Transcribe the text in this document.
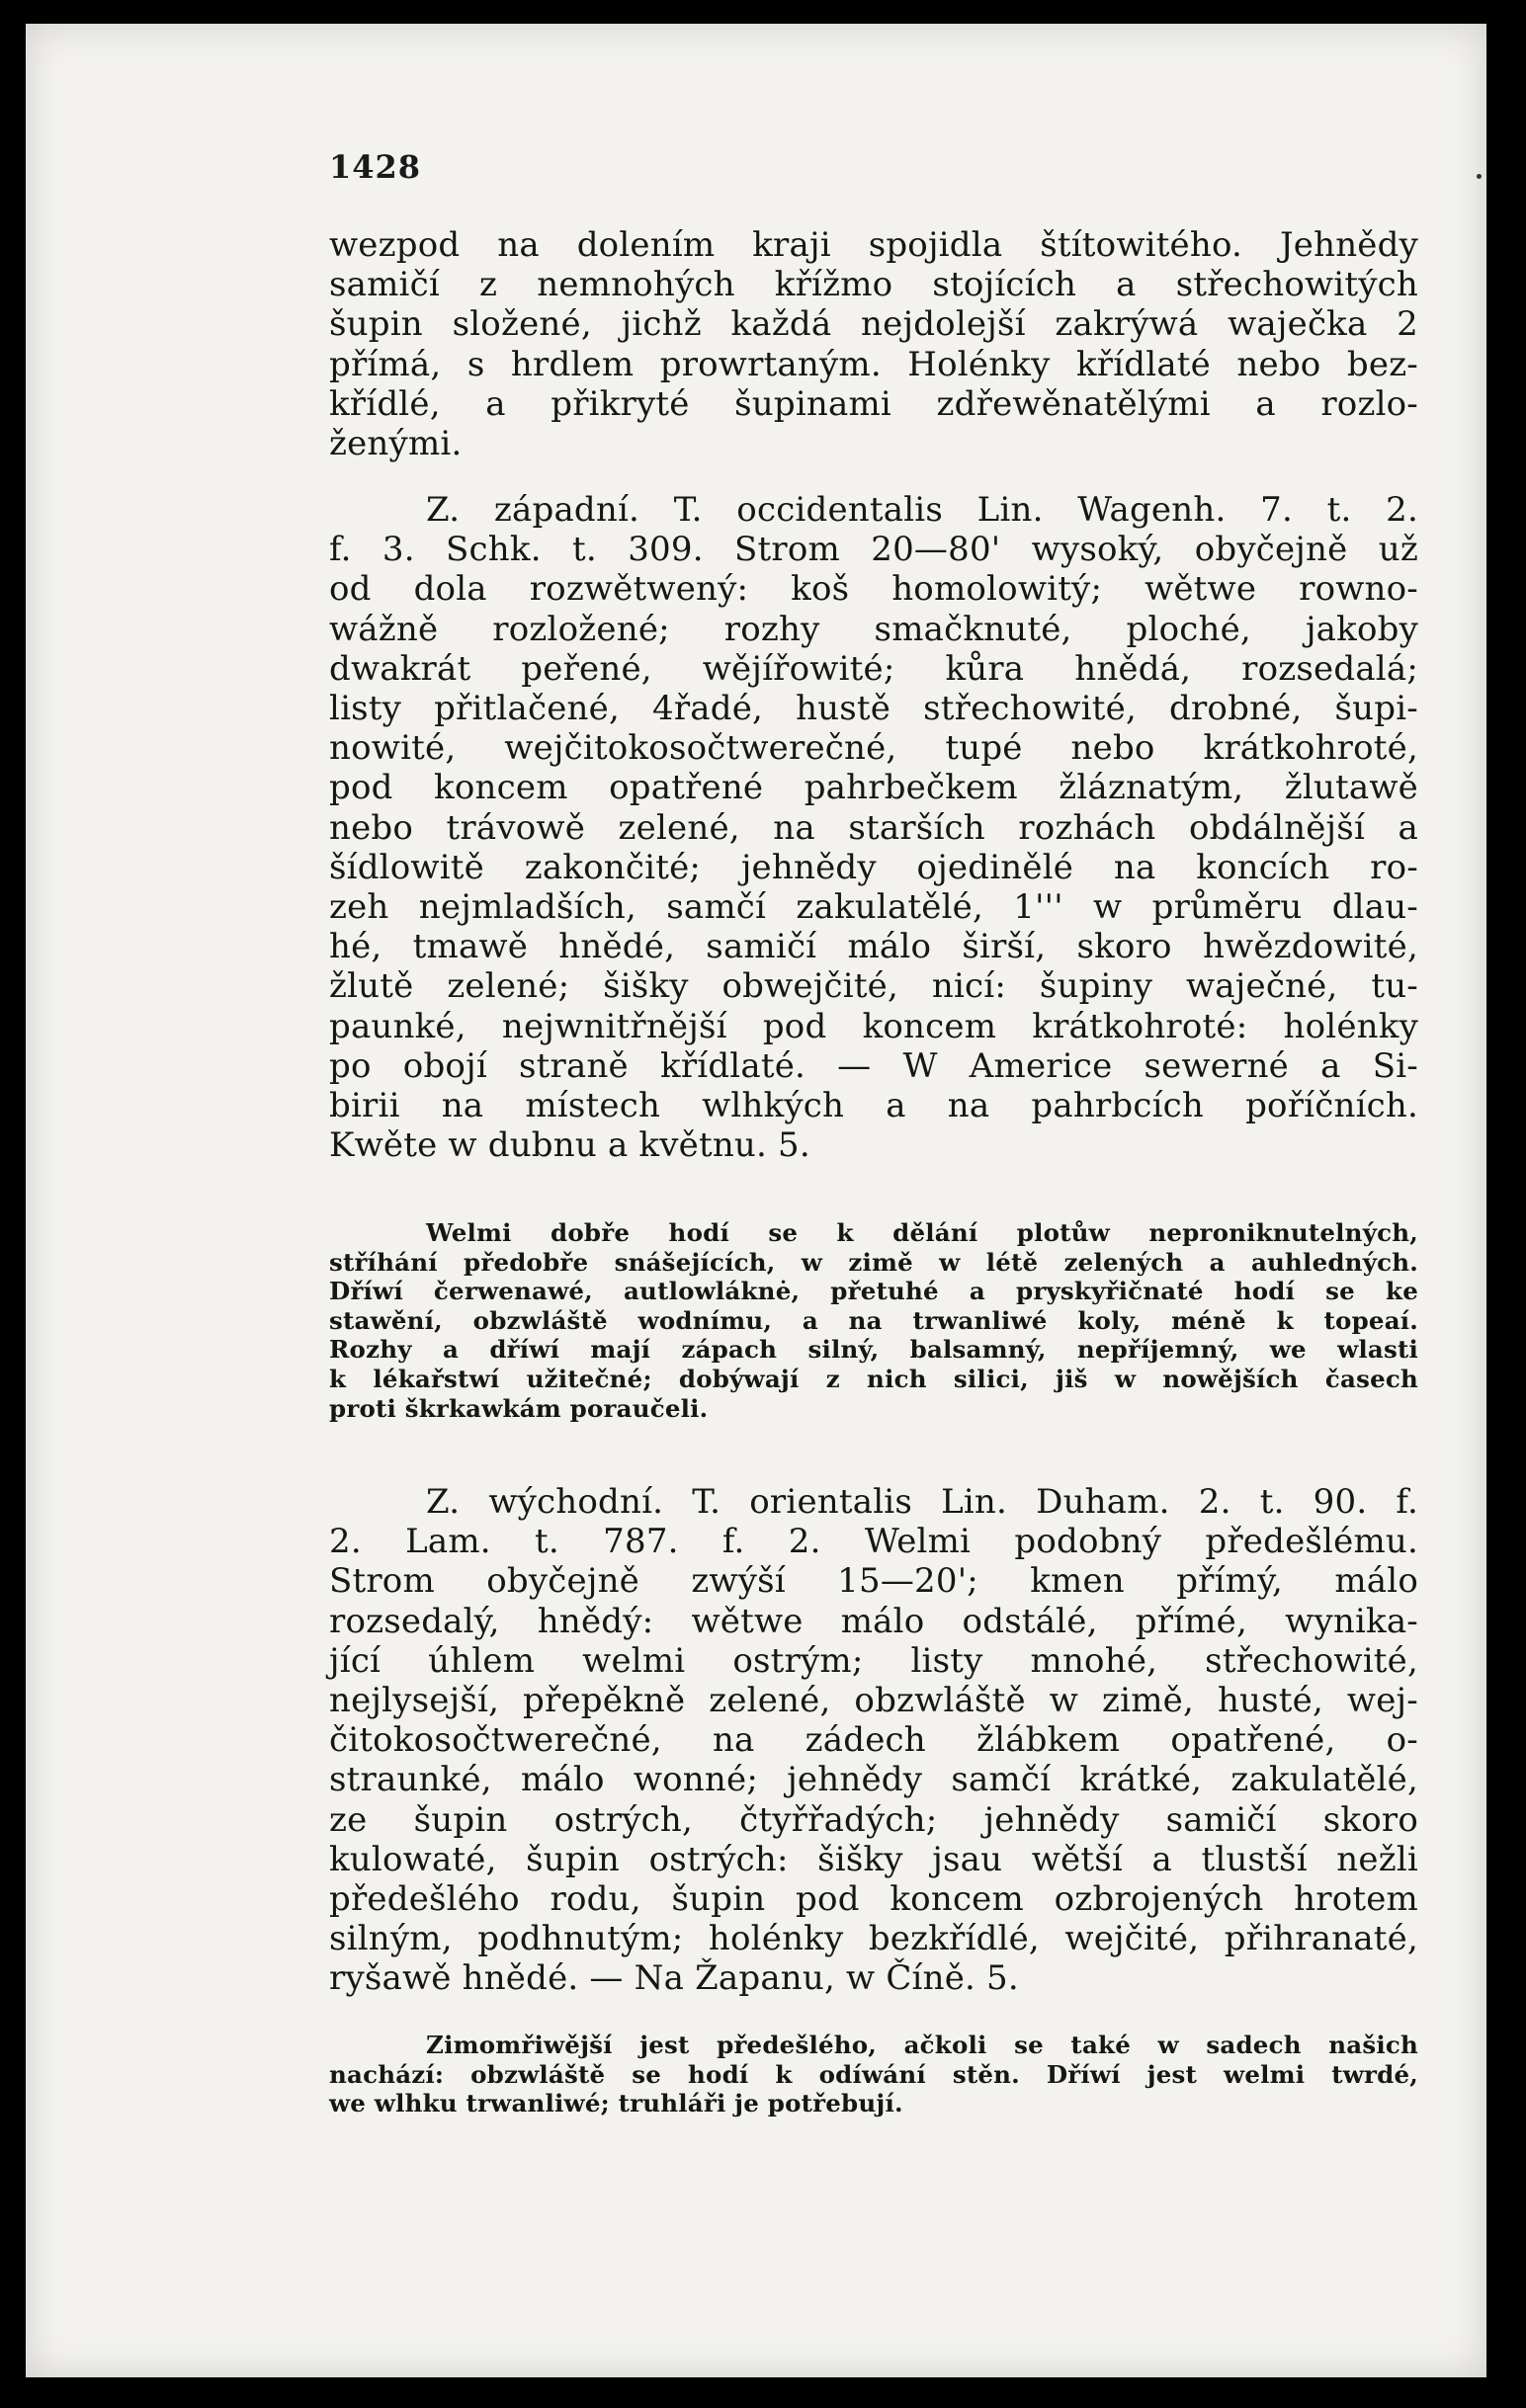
1428
wezpod na dolením kraji spojidla štítowitého. Jehnědy
samičí z nemnohých křížmo stojících a střechowitých
šupin složené, jichž každá nejdolejší zakrýwá waječka 2
přímá, s hrdlem prowrtaným. Holénky křídlaté nebo bez-
křídlé, a přikryté šupinami zdřewěnatělými a rozlo-
ženými.
Z. západní. T. occidentalis Lin. Wagenh. 7. t. 2.
f. 3. Schk. t. 309. Strom 20—80' wysoký, obyčejně už
od dola rozwětwený: koš homolowitý; wětwe rowno-
wážně rozložené; rozhy smačknuté, ploché, jakoby
dwakrát peřené, wějířowité; kůra hnědá, rozsedalá;
listy přitlačené, 4řadé, hustě střechowité, drobné, šupi-
nowité, wejčitokosočtwerečné, tupé nebo krátkohroté,
pod koncem opatřené pahrbečkem žláznatým, žlutawě
nebo trávowě zelené, na starších rozhách obdálnější a
šídlowitě zakončité; jehnědy ojedinělé na koncích ro-
zeh nejmladších, samčí zakulatělé, 1''' w průměru dlau-
hé, tmawě hnědé, samičí málo širší, skoro hwězdowité,
žlutě zelené; šišky obwejčité, nicí: šupiny waječné, tu-
paunké, nejwnitřnější pod koncem krátkohroté: holénky
po obojí straně křídlaté. — W Americe sewerné a Si-
birii na místech wlhkých a na pahrbcích poříčních.
Kwěte w dubnu a květnu. 5.
Welmi dobře hodí se k dělání plotůw neproniknutelných,
stříhání předobře snášejících, w zimě w létě zelených a auhledných.
Dříwí čerwenawé, autlowláknė, přetuhé a pryskyřičnaté hodí se ke
stawění, obzwláště wodnímu, a na trwanliwé koly, méně k topeaí.
Rozhy a dříwí mají zápach silný, balsamný, nepříjemný, we wlasti
k lékařstwí užitečné; dobýwají z nich silici, jiš w nowějších časech
proti škrkawkám poraučeli.
Z. wýchodní. T. orientalis Lin. Duham. 2. t. 90. f.
2. Lam. t. 787. f. 2. Welmi podobný předešlému.
Strom obyčejně zwýší 15—20'; kmen přímý, málo
rozsedalý, hnědý: wětwe málo odstálé, přímé, wynika-
jící úhlem welmi ostrým; listy mnohé, střechowité,
nejlysejší, přepěkně zelené, obzwláště w zimě, husté, wej-
čitokosočtwerečné, na zádech žlábkem opatřené, o-
straunké, málo wonné; jehnědy samčí krátké, zakulatělé,
ze šupin ostrých, čtyřřadých; jehnědy samičí skoro
kulowaté, šupin ostrých: šišky jsau wětší a tlustší nežli
předešlého rodu, šupin pod koncem ozbrojených hrotem
silným, podhnutým; holénky bezkřídlé, wejčité, přihranaté,
ryšawě hnědé. — Na Žapanu, w Číně. 5.
Zimomřiwější jest předešlého, ačkoli se také w sadech našich
nachází: obzwláště se hodí k odíwání stěn. Dříwí jest welmi twrdé,
we wlhku trwanliwé; truhláři je potřebují.
